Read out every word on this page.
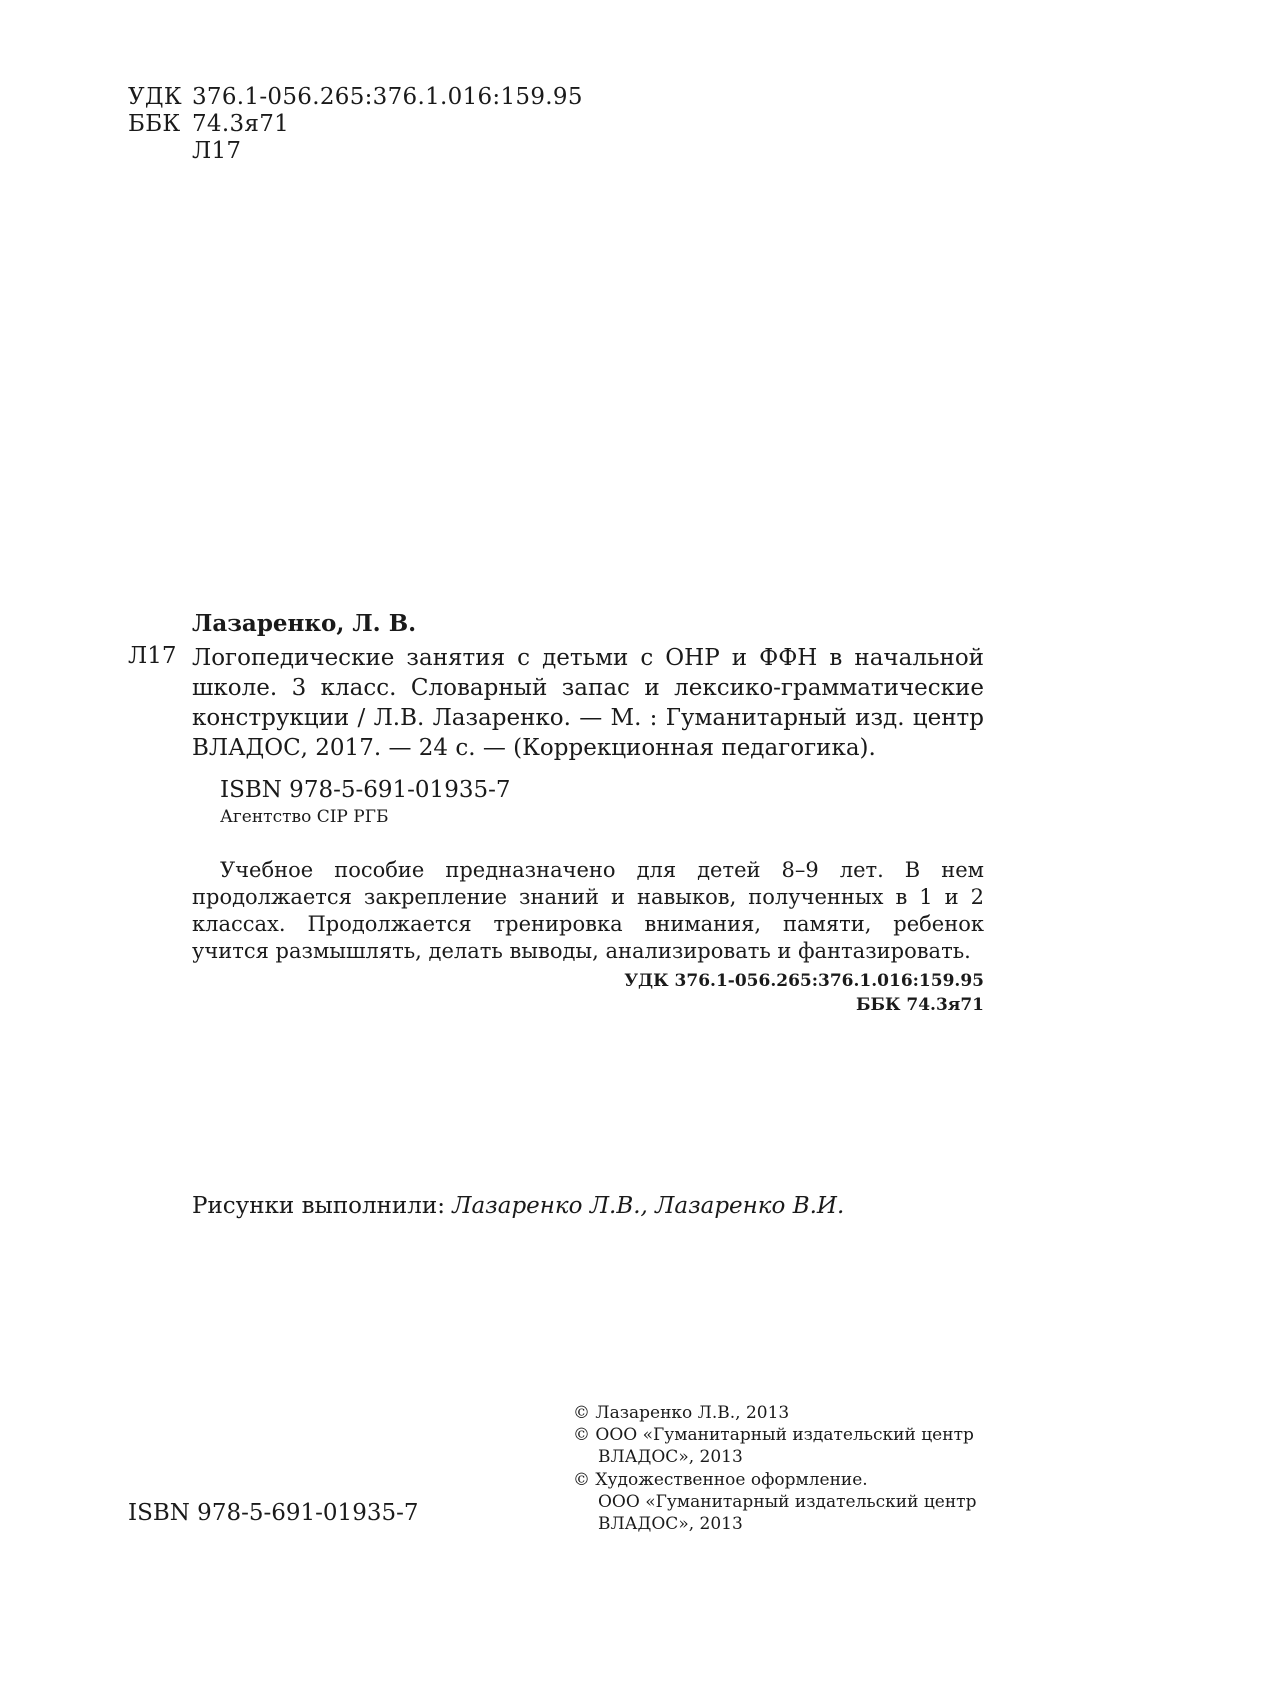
УДК 376.1-056.265:376.1.016:159.95
ББК 74.3я71
Л17
Лазаренко, Л. В.
Л17 Логопедические занятия с детьми с ОНР и ФФН в начальной школе. 3 класс. Словарный запас и лексико-грамматические конструкции / Л.В. Лазаренко. — М. : Гуманитарный изд. центр ВЛАДОС, 2017. — 24 с. — (Коррекционная педагогика).
ISBN 978-5-691-01935-7
Агентство CIP РГБ
Учебное пособие предназначено для детей 8–9 лет. В нем продолжается закрепление знаний и навыков, полученных в 1 и 2 классах. Продолжается тренировка внимания, памяти, ребенок учится размышлять, делать выводы, анализировать и фантазировать.
УДК 376.1-056.265:376.1.016:159.95
ББК 74.3я71
Рисунки выполнили: Лазаренко Л.В., Лазаренко В.И.
© Лазаренко Л.В., 2013
© ООО «Гуманитарный издательский центр
ВЛАДОС», 2013
© Художественное оформление.
ООО «Гуманитарный издательский центр
ВЛАДОС», 2013
ISBN 978-5-691-01935-7
